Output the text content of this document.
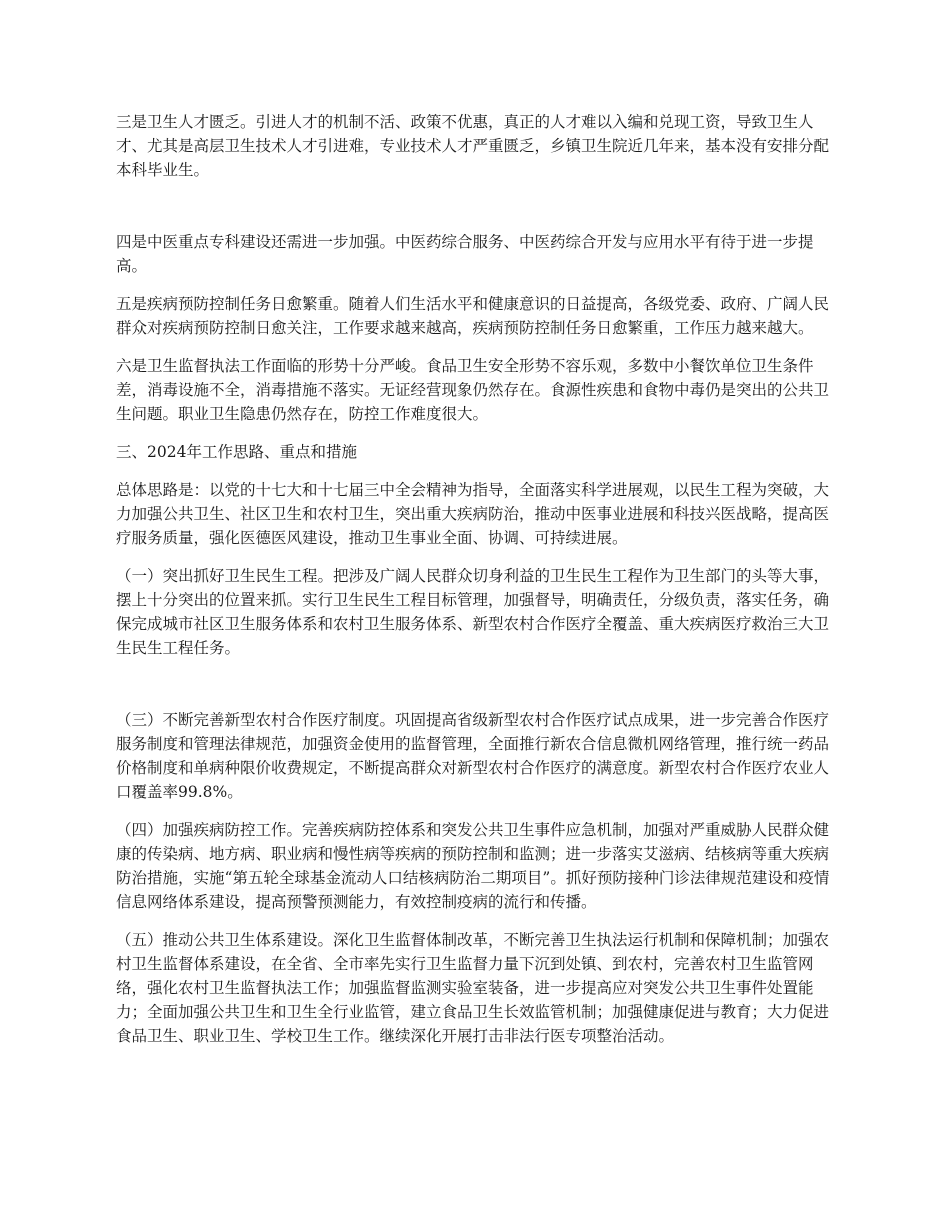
三是卫生人才匮乏。引进人才的机制不活、政策不优惠，真正的人才难以入编和兑现工资，导致卫生人才、尤其是高层卫生技术人才引进难，专业技术人才严重匮乏，乡镇卫生院近几年来，基本没有安排分配本科毕业生。

四是中医重点专科建设还需进一步加强。中医药综合服务、中医药综合开发与应用水平有待于进一步提高。

五是疾病预防控制任务日愈繁重。随着人们生活水平和健康意识的日益提高，各级党委、政府、广阔人民群众对疾病预防控制日愈关注，工作要求越来越高，疾病预防控制任务日愈繁重，工作压力越来越大。

六是卫生监督执法工作面临的形势十分严峻。食品卫生安全形势不容乐观，多数中小餐饮单位卫生条件差，消毒设施不全，消毒措施不落实。无证经营现象仍然存在。食源性疾患和食物中毒仍是突出的公共卫生问题。职业卫生隐患仍然存在，防控工作难度很大。

三、2024年工作思路、重点和措施

总体思路是：以党的十七大和十七届三中全会精神为指导，全面落实科学进展观，以民生工程为突破，大力加强公共卫生、社区卫生和农村卫生，突出重大疾病防治，推动中医事业进展和科技兴医战略，提高医疗服务质量，强化医德医风建设，推动卫生事业全面、协调、可持续进展。

（一）突出抓好卫生民生工程。把涉及广阔人民群众切身利益的卫生民生工程作为卫生部门的头等大事，摆上十分突出的位置来抓。实行卫生民生工程目标管理，加强督导，明确责任，分级负责，落实任务，确保完成城市社区卫生服务体系和农村卫生服务体系、新型农村合作医疗全覆盖、重大疾病医疗救治三大卫生民生工程任务。

（三）不断完善新型农村合作医疗制度。巩固提高省级新型农村合作医疗试点成果，进一步完善合作医疗服务制度和管理法律规范，加强资金使用的监督管理，全面推行新农合信息微机网络管理，推行统一药品价格制度和单病种限价收费规定，不断提高群众对新型农村合作医疗的满意度。新型农村合作医疗农业人口覆盖率99.8%。

（四）加强疾病防控工作。完善疾病防控体系和突发公共卫生事件应急机制，加强对严重威胁人民群众健康的传染病、地方病、职业病和慢性病等疾病的预防控制和监测；进一步落实艾滋病、结核病等重大疾病防治措施，实施“第五轮全球基金流动人口结核病防治二期项目”。抓好预防接种门诊法律规范建设和疫情信息网络体系建设，提高预警预测能力，有效控制疫病的流行和传播。

（五）推动公共卫生体系建设。深化卫生监督体制改革，不断完善卫生执法运行机制和保障机制；加强农村卫生监督体系建设，在全省、全市率先实行卫生监督力量下沉到处镇、到农村，完善农村卫生监管网络，强化农村卫生监督执法工作；加强监督监测实验室装备，进一步提高应对突发公共卫生事件处置能力；全面加强公共卫生和卫生全行业监管，建立食品卫生长效监管机制；加强健康促进与教育；大力促进食品卫生、职业卫生、学校卫生工作。继续深化开展打击非法行医专项整治活动。
